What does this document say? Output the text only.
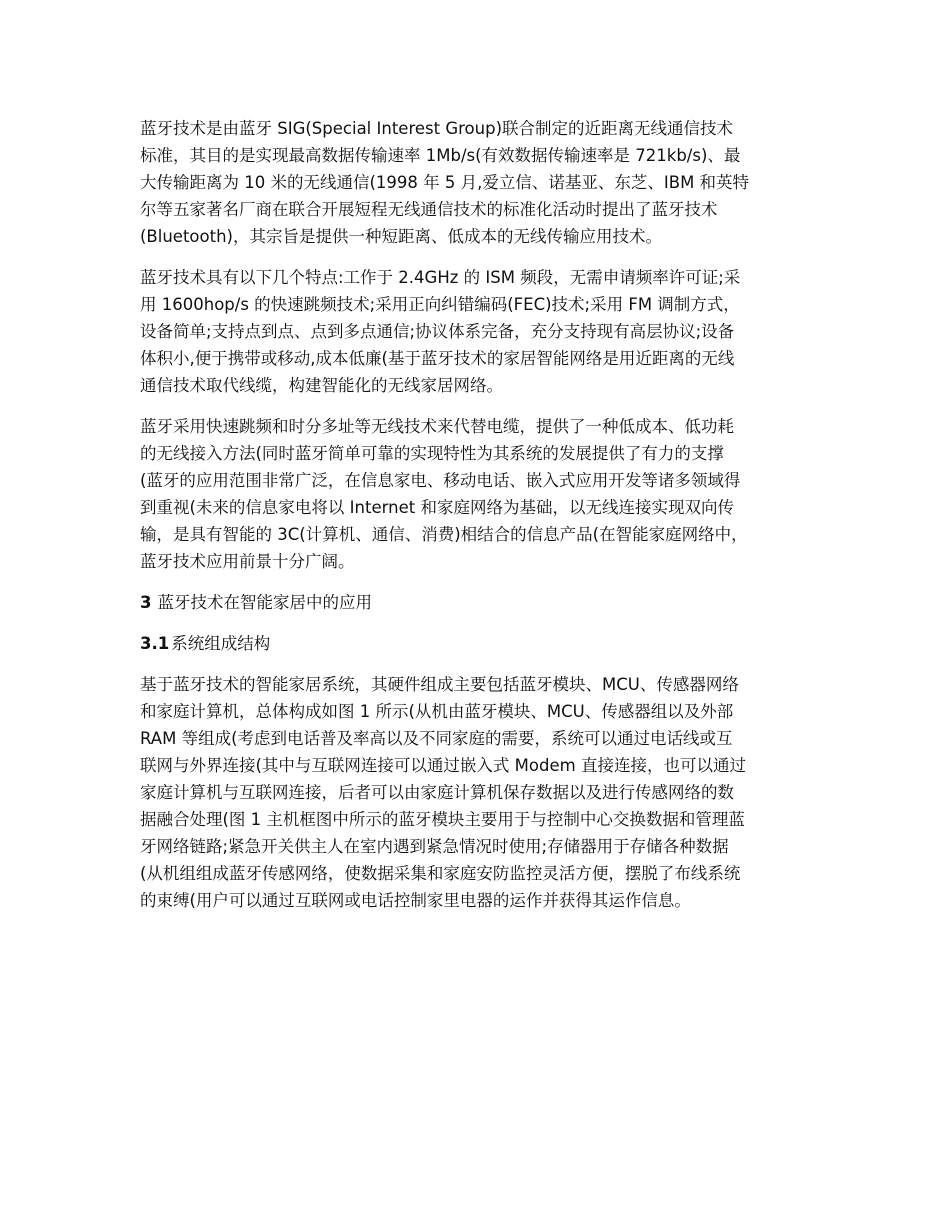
蓝牙技术是由蓝牙 SIG(Special Interest Group)联合制定的近距离无线通信技术
标准，其目的是实现最高数据传输速率 1Mb/s(有效数据传输速率是 721kb/s)、最
大传输距离为 10 米的无线通信(1998 年 5 月,爱立信、诺基亚、东芝、IBM 和英特
尔等五家著名厂商在联合开展短程无线通信技术的标准化活动时提出了蓝牙技术
(Bluetooth)，其宗旨是提供一种短距离、低成本的无线传输应用技术。

蓝牙技术具有以下几个特点:工作于 2.4GHz 的 ISM 频段，无需申请频率许可证;采
用 1600hop/s 的快速跳频技术;采用正向纠错编码(FEC)技术;采用 FM 调制方式，
设备简单;支持点到点、点到多点通信;协议体系完备，充分支持现有高层协议;设备
体积小,便于携带或移动,成本低廉(基于蓝牙技术的家居智能网络是用近距离的无线
通信技术取代线缆，构建智能化的无线家居网络。

蓝牙采用快速跳频和时分多址等无线技术来代替电缆，提供了一种低成本、低功耗
的无线接入方法(同时蓝牙简单可靠的实现特性为其系统的发展提供了有力的支撑
(蓝牙的应用范围非常广泛，在信息家电、移动电话、嵌入式应用开发等诸多领域得
到重视(未来的信息家电将以 Internet 和家庭网络为基础，以无线连接实现双向传
输，是具有智能的 3C(计算机、通信、消费)相结合的信息产品(在智能家庭网络中，
蓝牙技术应用前景十分广阔。

3 蓝牙技术在智能家居中的应用
3.1 系统组成结构

基于蓝牙技术的智能家居系统，其硬件组成主要包括蓝牙模块、MCU、传感器网络
和家庭计算机，总体构成如图 1 所示(从机由蓝牙模块、MCU、传感器组以及外部
RAM 等组成(考虑到电话普及率高以及不同家庭的需要，系统可以通过电话线或互
联网与外界连接(其中与互联网连接可以通过嵌入式 Modem 直接连接，也可以通过
家庭计算机与互联网连接，后者可以由家庭计算机保存数据以及进行传感网络的数
据融合处理(图 1 主机框图中所示的蓝牙模块主要用于与控制中心交换数据和管理蓝
牙网络链路;紧急开关供主人在室内遇到紧急情况时使用;存储器用于存储各种数据
(从机组组成蓝牙传感网络，使数据采集和家庭安防监控灵活方便，摆脱了布线系统
的束缚(用户可以通过互联网或电话控制家里电器的运作并获得其运作信息。
